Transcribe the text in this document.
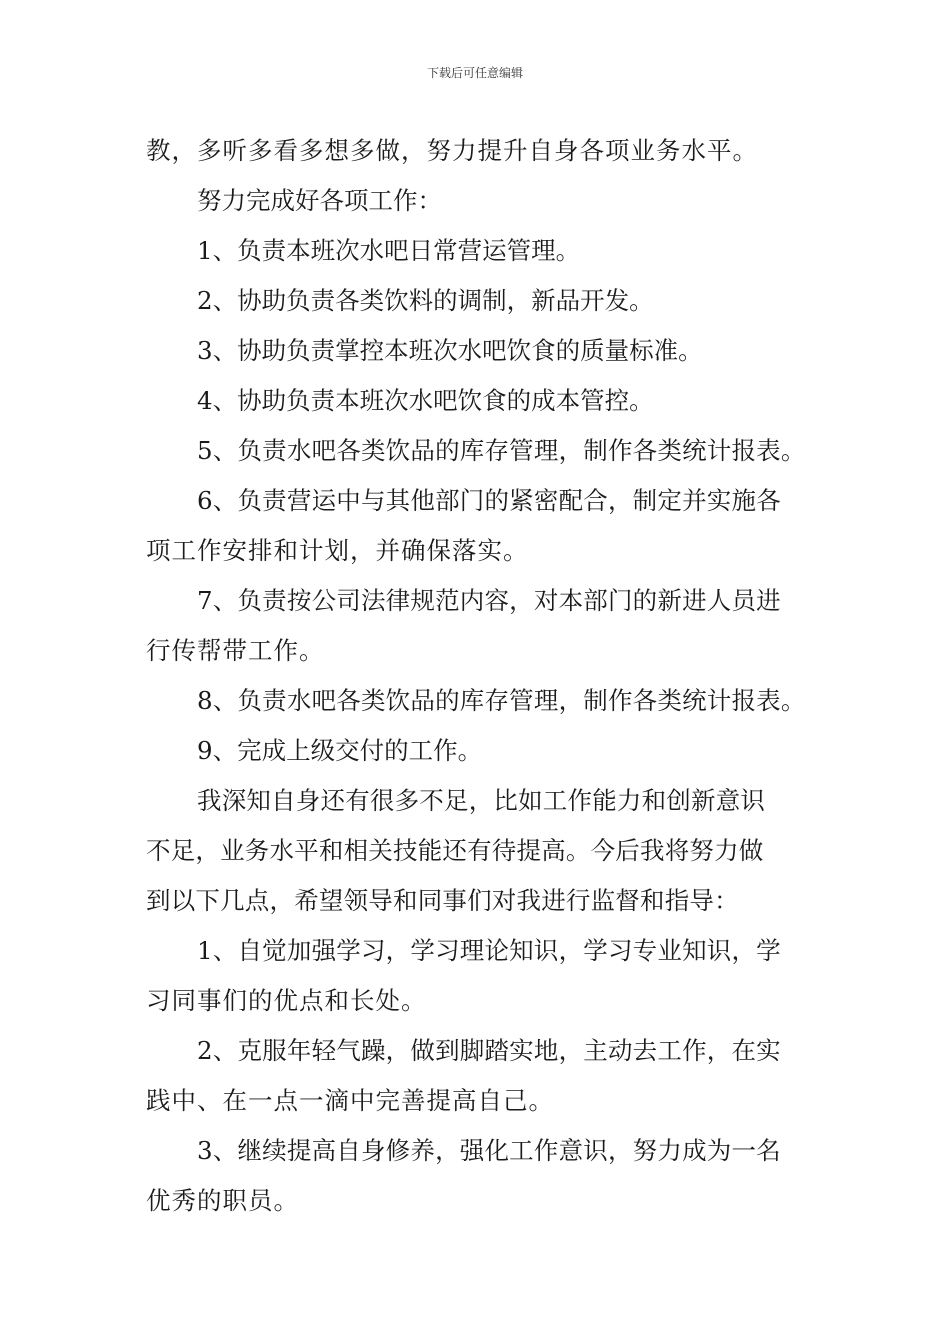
下载后可任意编辑
教，多听多看多想多做，努力提升自身各项业务水平。
努力完成好各项工作：
1、负责本班次水吧日常营运管理。
2、协助负责各类饮料的调制，新品开发。
3、协助负责掌控本班次水吧饮食的质量标准。
4、协助负责本班次水吧饮食的成本管控。
5、负责水吧各类饮品的库存管理，制作各类统计报表。
6、负责营运中与其他部门的紧密配合，制定并实施各
项工作安排和计划，并确保落实。
7、负责按公司法律规范内容，对本部门的新进人员进
行传帮带工作。
8、负责水吧各类饮品的库存管理，制作各类统计报表。
9、完成上级交付的工作。
我深知自身还有很多不足，比如工作能力和创新意识
不足，业务水平和相关技能还有待提高。今后我将努力做
到以下几点，希望领导和同事们对我进行监督和指导：
1、自觉加强学习，学习理论知识，学习专业知识，学
习同事们的优点和长处。
2、克服年轻气躁，做到脚踏实地，主动去工作，在实
践中、在一点一滴中完善提高自己。
3、继续提高自身修养，强化工作意识，努力成为一名
优秀的职员。
